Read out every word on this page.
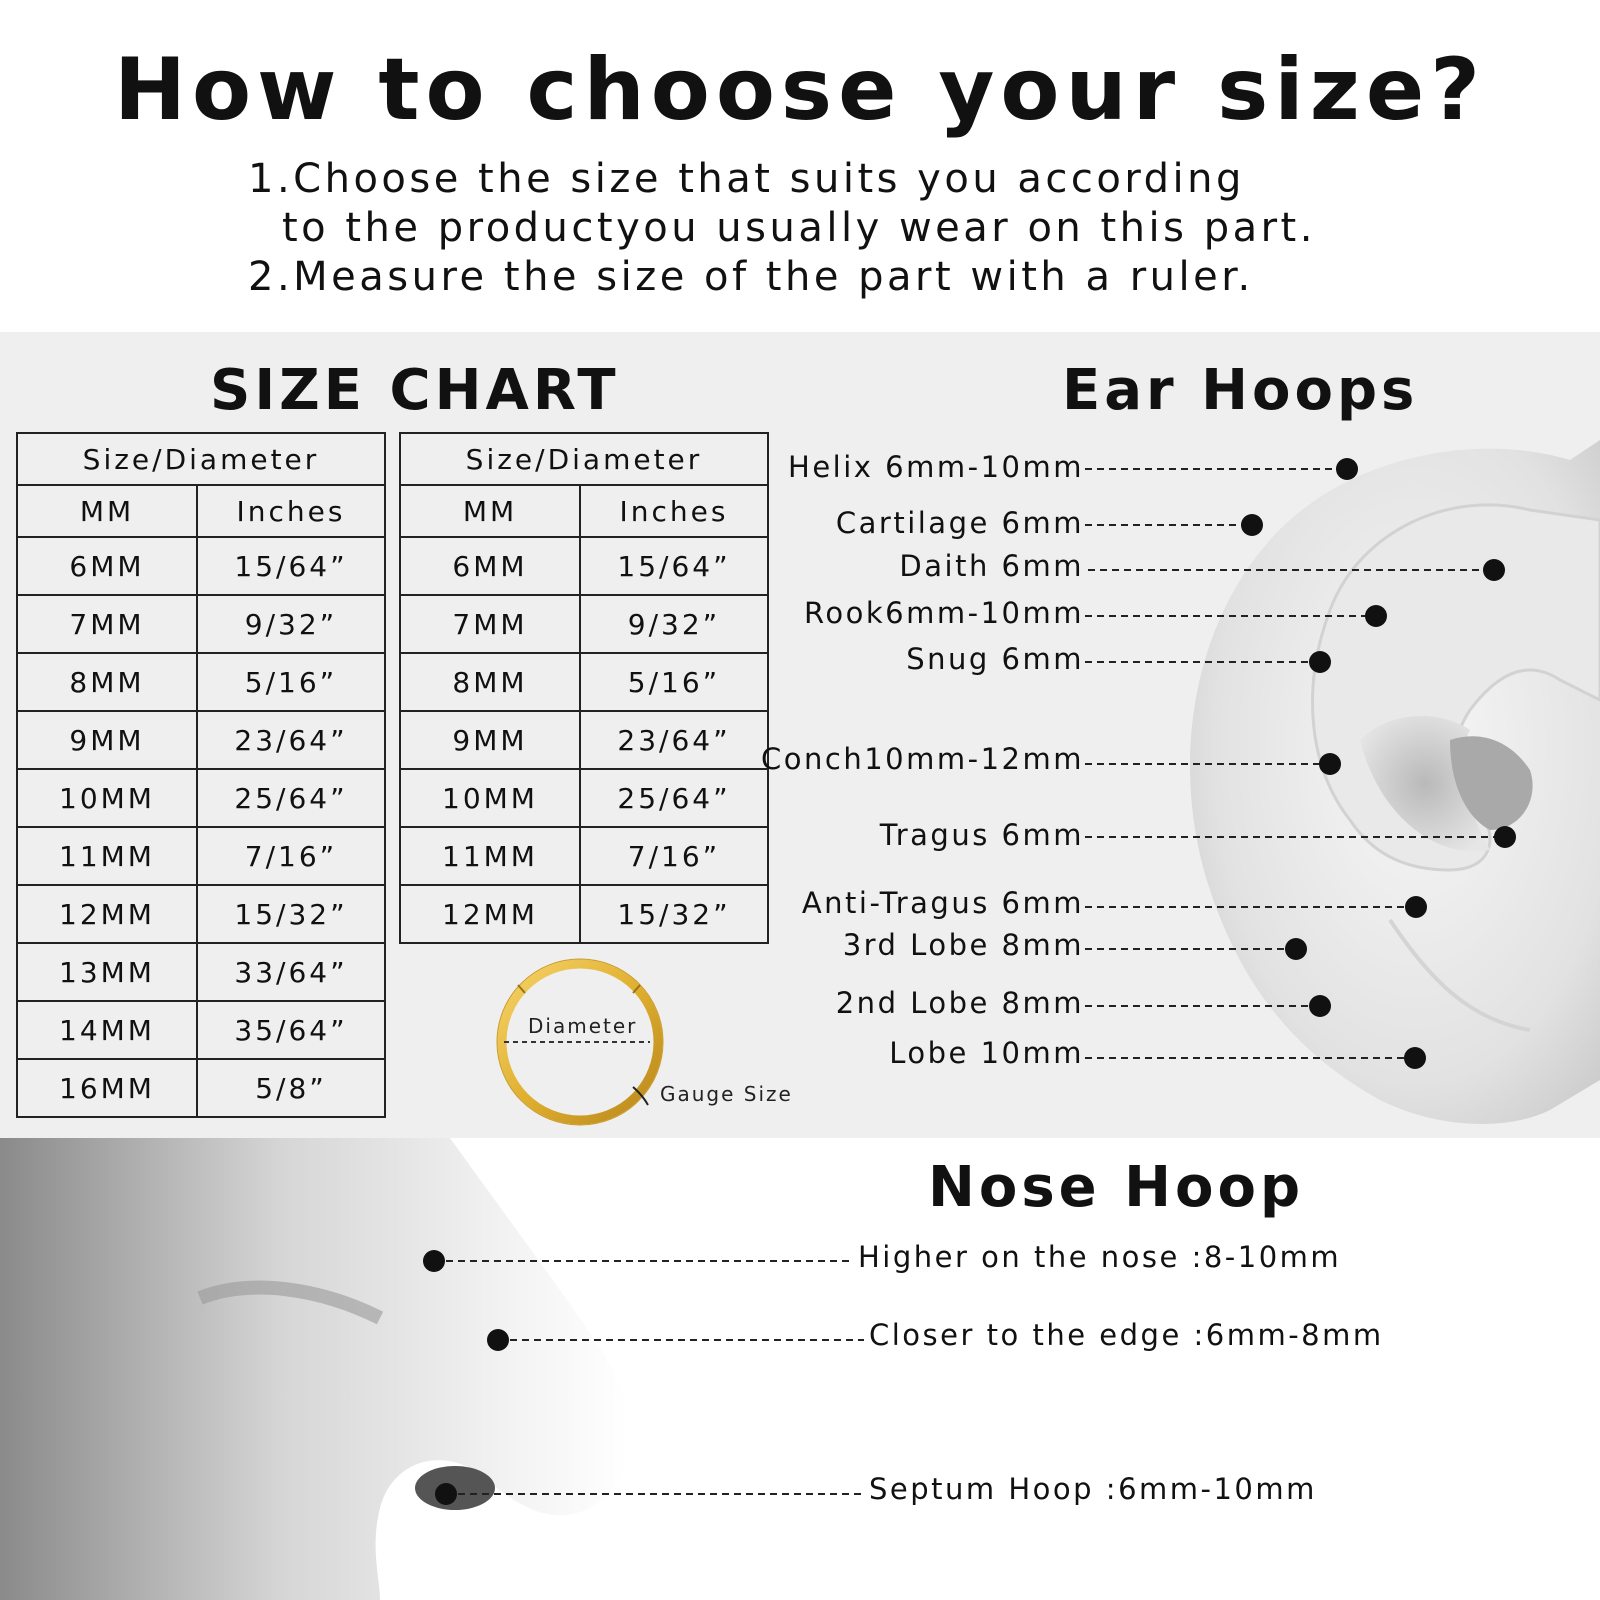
How to choose your size?
1.Choose the size that suits you according
to the productyou usually wear on this part.
2.Measure the size of the part with a ruler.
SIZE CHART
Size/Diameter	
MM	Inches
6MM	15/64”
7MM	9/32”
8MM	5/16”
9MM	23/64”
10MM	25/64”
11MM	7/16”
12MM	15/32”
13MM	33/64”
14MM	35/64”
16MM	5/8”
Size/Diameter	
MM	Inches
6MM	15/64”
7MM	9/32”
8MM	5/16”
9MM	23/64”
10MM	25/64”
11MM	7/16”
12MM	15/32”
Diameter
Gauge Size
Ear Hoops
Helix 6mm-10mm
Cartilage 6mm
Daith 6mm
Rook6mm-10mm
Snug 6mm
Conch10mm-12mm
Tragus 6mm
Anti-Tragus 6mm
3rd Lobe 8mm
2nd Lobe 8mm
Lobe 10mm
Nose Hoop
Higher on the nose :8-10mm
Closer to the edge :6mm-8mm
Septum Hoop :6mm-10mm
